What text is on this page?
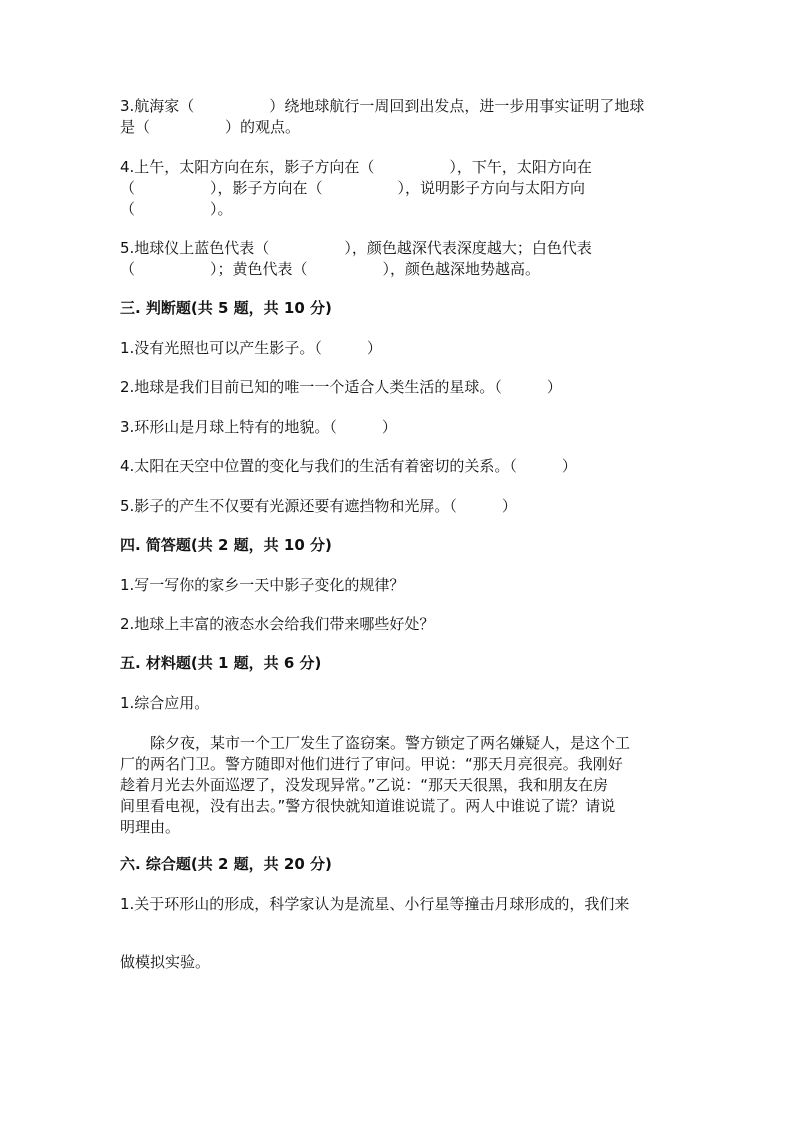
3.航海家（　　　　　）绕地球航行一周回到出发点，进一步用事实证明了地球
是（　　　　　）的观点。
4.上午，太阳方向在东，影子方向在（　　　　　），下午，太阳方向在
（　　　　　），影子方向在（　　　　　），说明影子方向与太阳方向
（　　　　　）。
5.地球仪上蓝色代表（　　　　　），颜色越深代表深度越大；白色代表
（　　　　　）；黄色代表（　　　　　），颜色越深地势越高。
三. 判断题(共 5 题，共 10 分)
1.没有光照也可以产生影子。（　　　）
2.地球是我们目前已知的唯一一个适合人类生活的星球。（　　　）
3.环形山是月球上特有的地貌。（　　　）
4.太阳在天空中位置的变化与我们的生活有着密切的关系。（　　　）
5.影子的产生不仅要有光源还要有遮挡物和光屏。（　　　）
四. 简答题(共 2 题，共 10 分)
1.写一写你的家乡一天中影子变化的规律？
2.地球上丰富的液态水会给我们带来哪些好处？
五. 材料题(共 1 题，共 6 分)
1.综合应用。
　　除夕夜，某市一个工厂发生了盗窃案。警方锁定了两名嫌疑人，是这个工
厂的两名门卫。警方随即对他们进行了审问。甲说：“那天月亮很亮。我刚好
趁着月光去外面巡逻了，没发现异常。”乙说：“那天天很黑，我和朋友在房
间里看电视，没有出去。”警方很快就知道谁说谎了。两人中谁说了谎？请说
明理由。
六. 综合题(共 2 题，共 20 分)
1.关于环形山的形成，科学家认为是流星、小行星等撞击月球形成的，我们来
做模拟实验。
